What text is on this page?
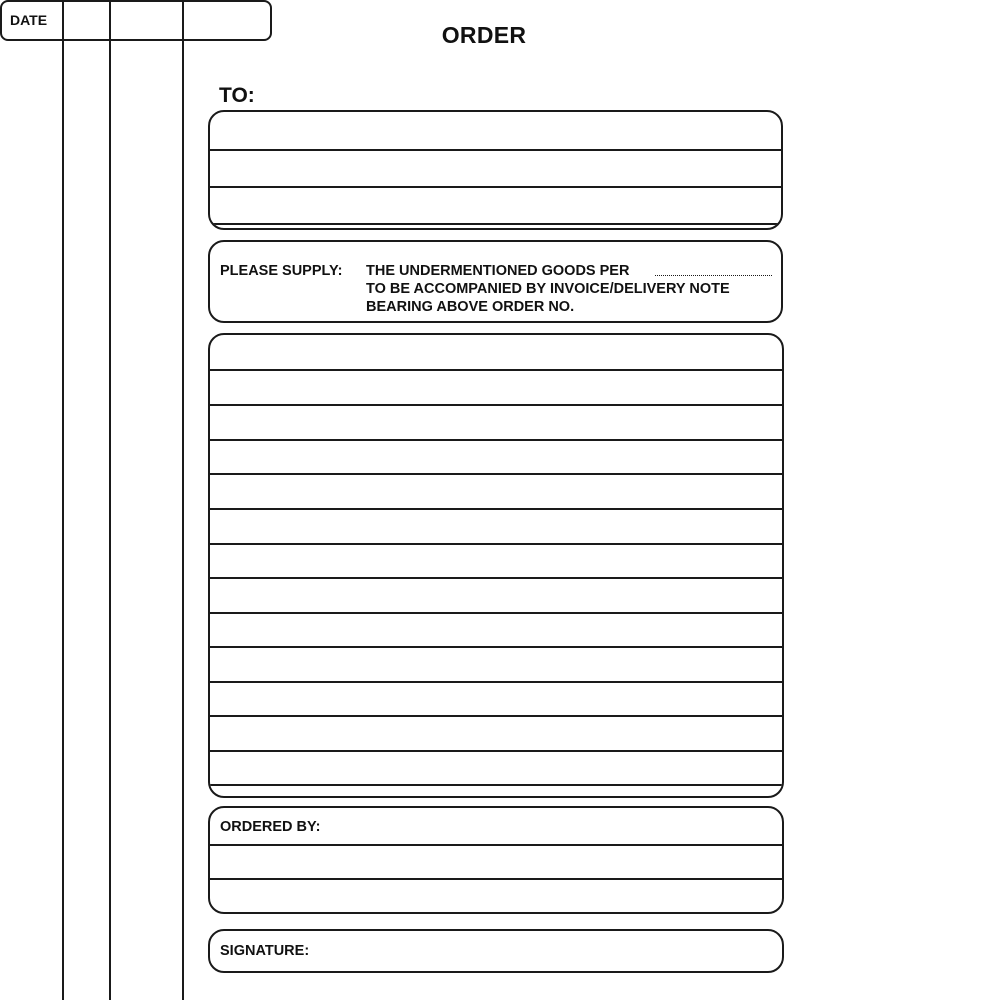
ORDER
TO:
DATE
PLEASE SUPPLY: THE UNDERMENTIONED GOODS PER
TO BE ACCOMPANIED BY INVOICE/DELIVERY NOTE
BEARING ABOVE ORDER NO.
ORDERED BY:
SIGNATURE:
